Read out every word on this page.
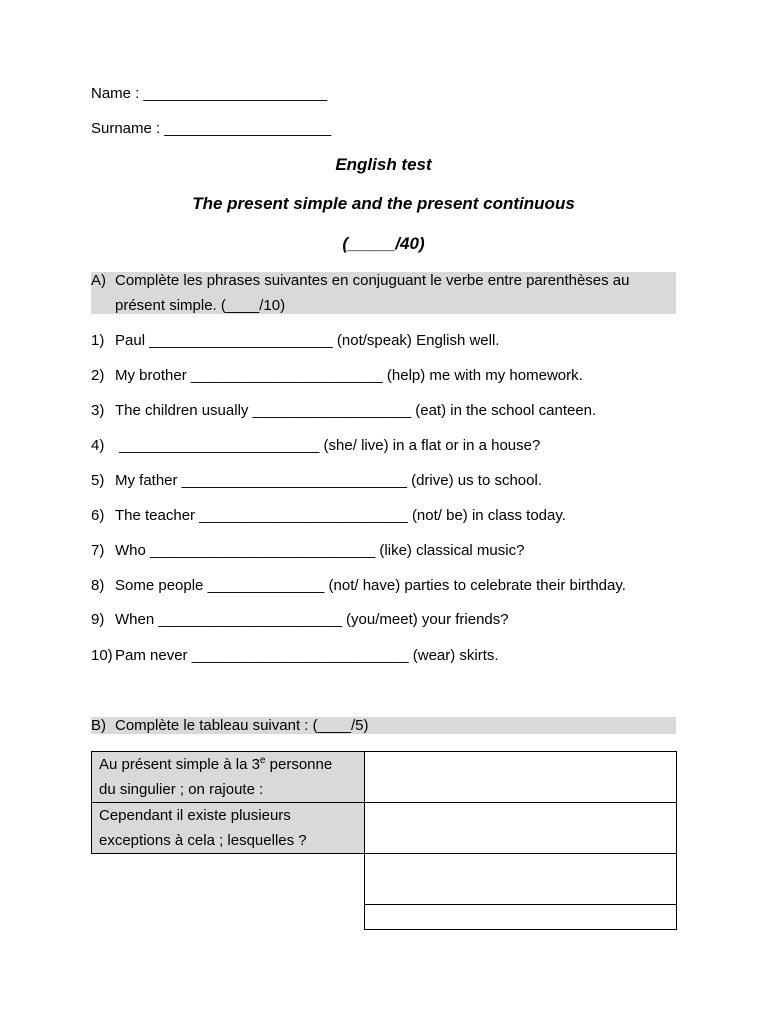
Name : ______________________
Surname : ____________________
English test
The present simple and the present continuous
(_____/40)
A) Complète les phrases suivantes en conjuguant le verbe entre parenthèses au
présent simple. (____/10)
1) Paul ______________________ (not/speak) English well.
2) My brother _______________________ (help) me with my homework.
3) The children usually ___________________ (eat) in the school canteen.
4) ________________________ (she/ live) in a flat or in a house?
5) My father ___________________________ (drive) us to school.
6) The teacher _________________________ (not/ be) in class today.
7) Who ___________________________ (like) classical music?
8) Some people ______________ (not/ have) parties to celebrate their birthday.
9) When ______________________ (you/meet) your friends?
10) Pam never __________________________ (wear) skirts.
B) Complète le tableau suivant : (____/5)
Au présent simple à la 3e personne
du singulier ; on rajoute :	

Cependant il existe plusieurs
exceptions à cela ; lesquelles ?	
